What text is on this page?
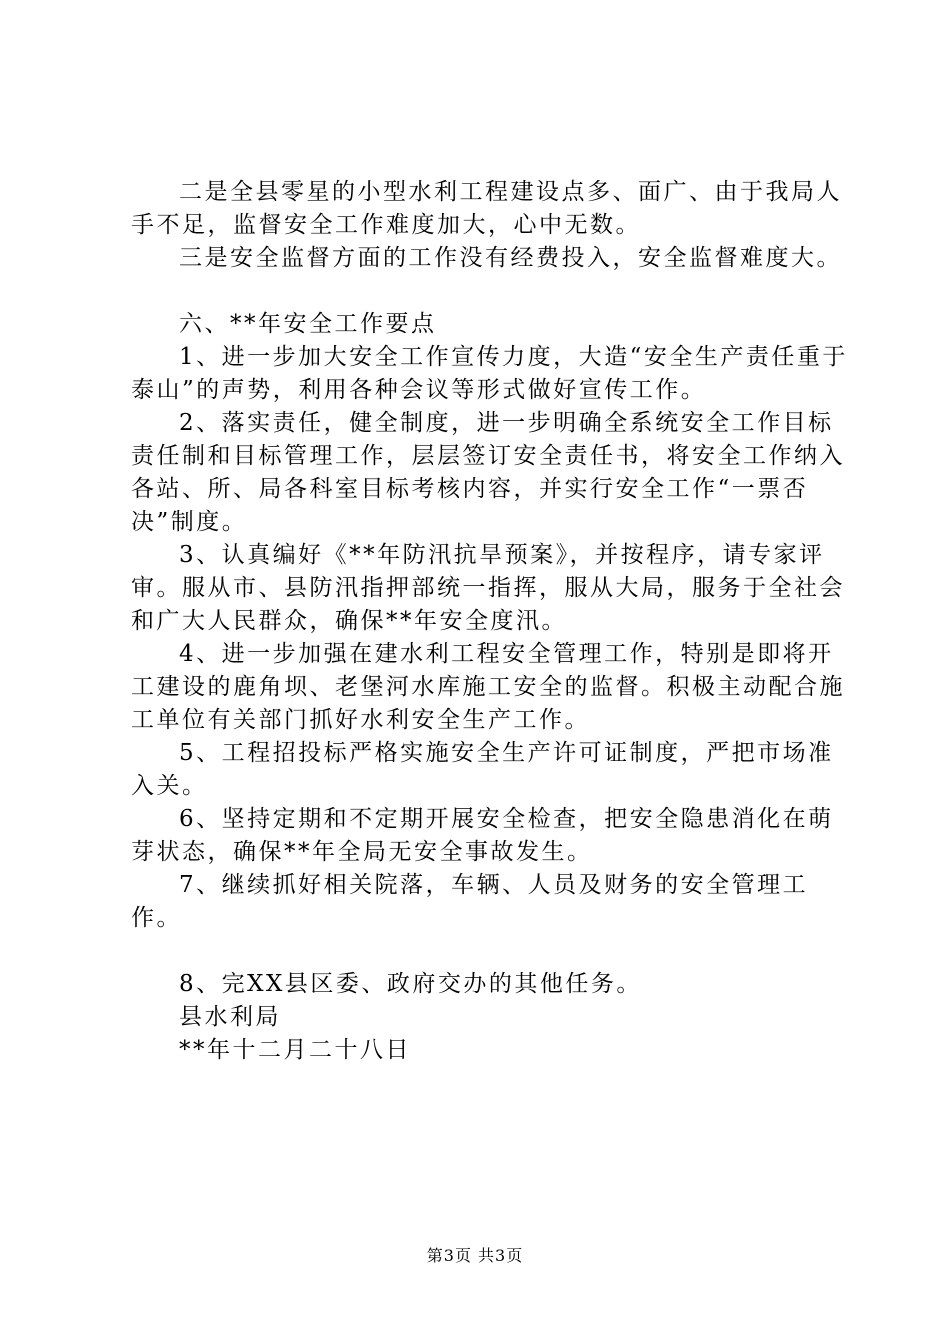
二是全县零星的小型水利工程建设点多、面广、由于我局人手不足，监督安全工作难度加大，心中无数。

三是安全监督方面的工作没有经费投入，安全监督难度大。

六、**年安全工作要点

1、进一步加大安全工作宣传力度，大造“安全生产责任重于泰山”的声势，利用各种会议等形式做好宣传工作。

2、落实责任，健全制度，进一步明确全系统安全工作目标责任制和目标管理工作，层层签订安全责任书，将安全工作纳入各站、所、局各科室目标考核内容，并实行安全工作“一票否决”制度。

3、认真编好《**年防汛抗旱预案》，并按程序，请专家评审。服从市、县防汛指押部统一指挥，服从大局，服务于全社会和广大人民群众，确保**年安全度汛。

4、进一步加强在建水利工程安全管理工作，特别是即将开工建设的鹿角坝、老堡河水库施工安全的监督。积极主动配合施工单位有关部门抓好水利安全生产工作。

5、工程招投标严格实施安全生产许可证制度，严把市场准入关。

6、坚持定期和不定期开展安全检查，把安全隐患消化在萌芽状态，确保**年全局无安全事故发生。

7、继续抓好相关院落，车辆、人员及财务的安全管理工作。

8、完XX县区委、政府交办的其他任务。

县水利局

**年十二月二十八日

第3页 共3页
